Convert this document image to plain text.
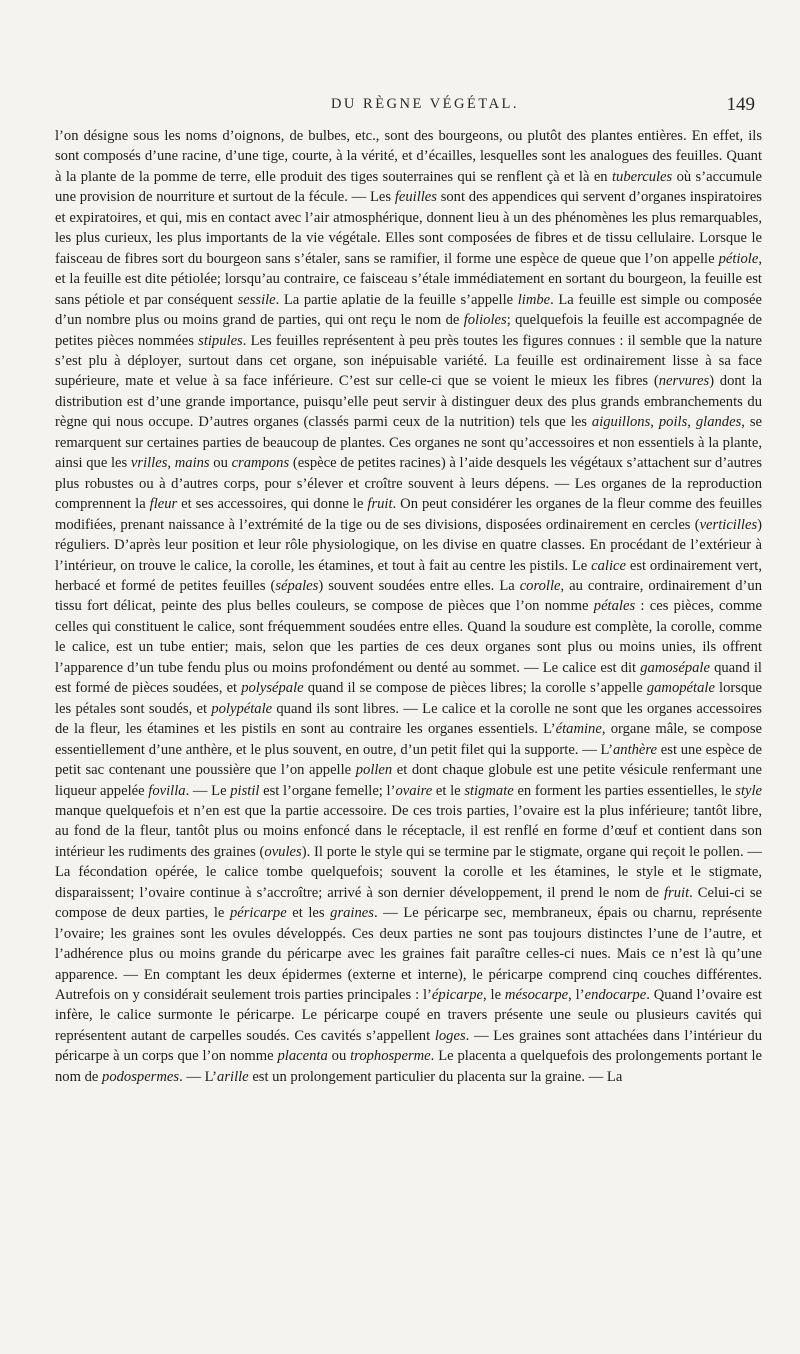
DU RÈGNE VÉGÉTAL.	149

l’on désigne sous les noms d’oignons, de bulbes, etc., sont des bourgeons, ou plutôt des plantes entières. En effet, ils sont composés d’une racine, d’une tige, courte, à la vérité, et d’écailles, lesquelles sont les analogues des feuilles. Quant à la plante de la pomme de terre, elle produit des tiges souterraines qui se renflent çà et là en tubercules où s’accumule une provision de nourriture et surtout de la fécule. — Les feuilles sont des appendices qui servent d’organes inspiratoires et expiratoires, et qui, mis en contact avec l’air atmosphérique, donnent lieu à un des phénomènes les plus remarquables, les plus curieux, les plus importants de la vie végétale. Elles sont composées de fibres et de tissu cellulaire. Lorsque le faisceau de fibres sort du bourgeon sans s’étaler, sans se ramifier, il forme une espèce de queue que l’on appelle pétiole, et la feuille est dite pétiolée; lorsqu’au contraire, ce faisceau s’étale immédiatement en sortant du bourgeon, la feuille est sans pétiole et par conséquent sessile. La partie aplatie de la feuille s’appelle limbe. La feuille est simple ou composée d’un nombre plus ou moins grand de parties, qui ont reçu le nom de folioles; quelquefois la feuille est accompagnée de petites pièces nommées stipules. Les feuilles représentent à peu près toutes les figures connues : il semble que la nature s’est plu à déployer, surtout dans cet organe, son inépuisable variété. La feuille est ordinairement lisse à sa face supérieure, mate et velue à sa face inférieure. C’est sur celle-ci que se voient le mieux les fibres (nervures) dont la distribution est d’une grande importance, puisqu’elle peut servir à distinguer deux des plus grands embranchements du règne qui nous occupe. D’autres organes (classés parmi ceux de la nutrition) tels que les aiguillons, poils, glandes, se remarquent sur certaines parties de beaucoup de plantes. Ces organes ne sont qu’accessoires et non essentiels à la plante, ainsi que les vrilles, mains ou crampons (espèce de petites racines) à l’aide desquels les végétaux s’attachent sur d’autres plus robustes ou à d’autres corps, pour s’élever et croître souvent à leurs dépens. — Les organes de la reproduction comprennent la fleur et ses accessoires, qui donne le fruit. On peut considérer les organes de la fleur comme des feuilles modifiées, prenant naissance à l’extrémité de la tige ou de ses divisions, disposées ordinairement en cercles (verticilles) réguliers. D’après leur position et leur rôle physiologique, on les divise en quatre classes. En procédant de l’extérieur à l’intérieur, on trouve le calice, la corolle, les étamines, et tout à fait au centre les pistils. Le calice est ordinairement vert, herbacé et formé de petites feuilles (sépales) souvent soudées entre elles. La corolle, au contraire, ordinairement d’un tissu fort délicat, peinte des plus belles couleurs, se compose de pièces que l’on nomme pétales : ces pièces, comme celles qui constituent le calice, sont fréquemment soudées entre elles. Quand la soudure est complète, la corolle, comme le calice, est un tube entier; mais, selon que les parties de ces deux organes sont plus ou moins unies, ils offrent l’apparence d’un tube fendu plus ou moins profondément ou denté au sommet. — Le calice est dit gamosépale quand il est formé de pièces soudées, et polysépale quand il se compose de pièces libres; la corolle s’appelle gamopétale lorsque les pétales sont soudés, et polypétale quand ils sont libres. — Le calice et la corolle ne sont que les organes accessoires de la fleur, les étamines et les pistils en sont au contraire les organes essentiels. L’étamine, organe mâle, se compose essentiellement d’une anthère, et le plus souvent, en outre, d’un petit filet qui la supporte. — L’anthère est une espèce de petit sac contenant une poussière que l’on appelle pollen et dont chaque globule est une petite vésicule renfermant une liqueur appelée fovilla. — Le pistil est l’organe femelle; l’ovaire et le stigmate en forment les parties essentielles, le style manque quelquefois et n’en est que la partie accessoire. De ces trois parties, l’ovaire est la plus inférieure; tantôt libre, au fond de la fleur, tantôt plus ou moins enfoncé dans le réceptacle, il est renflé en forme d’œuf et contient dans son intérieur les rudiments des graines (ovules). Il porte le style qui se termine par le stigmate, organe qui reçoit le pollen. — La fécondation opérée, le calice tombe quelquefois; souvent la corolle et les étamines, le style et le stigmate, disparaissent; l’ovaire continue à s’accroître; arrivé à son dernier développement, il prend le nom de fruit. Celui-ci se compose de deux parties, le péricarpe et les graines. — Le péricarpe sec, membraneux, épais ou charnu, représente l’ovaire; les graines sont les ovules développés. Ces deux parties ne sont pas toujours distinctes l’une de l’autre, et l’adhérence plus ou moins grande du péricarpe avec les graines fait paraître celles-ci nues. Mais ce n’est là qu’une apparence. — En comptant les deux épidermes (externe et interne), le péricarpe comprend cinq couches différentes. Autrefois on y considérait seulement trois parties principales : l’épicarpe, le mésocarpe, l’endocarpe. Quand l’ovaire est infère, le calice surmonte le péricarpe. Le péricarpe coupé en travers présente une seule ou plusieurs cavités qui représentent autant de carpelles soudés. Ces cavités s’appellent loges. — Les graines sont attachées dans l’intérieur du péricarpe à un corps que l’on nomme placenta ou trophosperme. Le placenta a quelquefois des prolongements portant le nom de podospermes. — L’arille est un prolongement particulier du placenta sur la graine. — La
